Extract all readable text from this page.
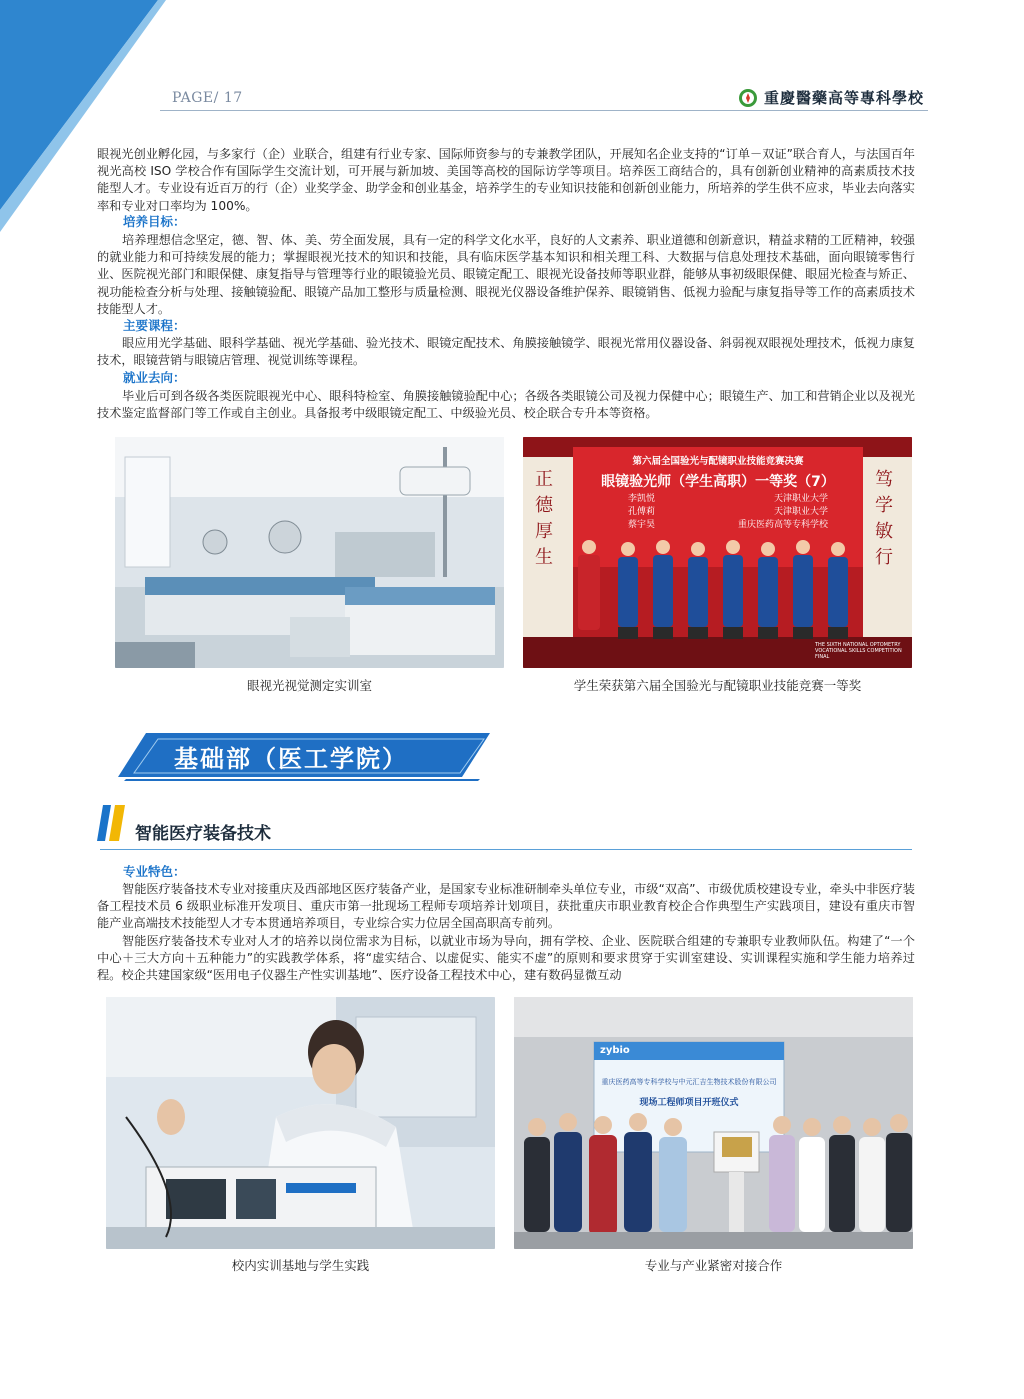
PAGE/ 17	重慶醫藥高等專科學校

眼视光创业孵化园，与多家行（企）业联合，组建有行业专家、国际师资参与的专兼教学团队，开展知名企业支持的“订单－双证”联合育人，与法国百年视光高校 ISO 学校合作有国际学生交流计划，可开展与新加坡、美国等高校的国际访学等项目。培养医工商结合的，具有创新创业精神的高素质技术技能型人才。专业设有近百万的行（企）业奖学金、助学金和创业基金，培养学生的专业知识技能和创新创业能力，所培养的学生供不应求，毕业去向落实率和专业对口率均为 100%。

培养目标：

培养理想信念坚定，德、智、体、美、劳全面发展，具有一定的科学文化水平，良好的人文素养、职业道德和创新意识，精益求精的工匠精神，较强的就业能力和可持续发展的能力；掌握眼视光技术的知识和技能，具有临床医学基本知识和相关理工科、大数据与信息处理技术基础，面向眼镜零售行业、医院视光部门和眼保健、康复指导与管理等行业的眼镜验光员、眼镜定配工、眼视光设备技师等职业群，能够从事初级眼保健、眼屈光检查与矫正、视功能检查分析与处理、接触镜验配、眼镜产品加工整形与质量检测、眼视光仪器设备维护保养、眼镜销售、低视力验配与康复指导等工作的高素质技术技能型人才。

主要课程：

眼应用光学基础、眼科学基础、视光学基础、验光技术、眼镜定配技术、角膜接触镜学、眼视光常用仪器设备、斜弱视双眼视处理技术，低视力康复技术，眼镜营销与眼镜店管理、视觉训练等课程。

就业去向：

毕业后可到各级各类医院眼视光中心、眼科特检室、角膜接触镜验配中心；各级各类眼镜公司及视力保健中心；眼镜生产、加工和营销企业以及视光技术鉴定监督部门等工作或自主创业。具备报考中级眼镜定配工、中级验光员、校企联合专升本等资格。

眼视光视觉测定实训室
第六届全国验光与配镜职业技能竞赛决赛
眼镜验光师（学生高职）一等奖（7）
李凯悦	天津职业大学
孔傅莉	天津职业大学
蔡宇昊	重庆医药高等专科学校
正德厚生
笃学敏行
THE SIXTH NATIONAL OPTOMETRY VOCATIONAL SKILLS COMPETITION FINAL
学生荣获第六届全国验光与配镜职业技能竞赛一等奖
基础部（医工学院）
智能医疗装备技术
专业特色：

智能医疗装备技术专业对接重庆及西部地区医疗装备产业，是国家专业标准研制牵头单位专业，市级“双高”、市级优质校建设专业，牵头中非医疗装备工程技术员 6 级职业标准开发项目、重庆市第一批现场工程师专项培养计划项目，获批重庆市职业教育校企合作典型生产实践项目，建设有重庆市智能产业高端技术技能型人才专本贯通培养项目，专业综合实力位居全国高职高专前列。

智能医疗装备技术专业对人才的培养以岗位需求为目标，以就业市场为导向，拥有学校、企业、医院联合组建的专兼职专业教师队伍。构建了“一个中心＋三大方向＋五种能力”的实践教学体系，将“虚实结合、以虚促实、能实不虚”的原则和要求贯穿于实训室建设、实训课程实施和学生能力培养过程。校企共建国家级“医用电子仪器生产性实训基地”、医疗设备工程技术中心，建有数码显微互动

校内实训基地与学生实践
zybio
重庆医药高等专科学校与中元汇吉生物技术股份有限公司
现场工程师项目开班仪式
专业与产业紧密对接合作
